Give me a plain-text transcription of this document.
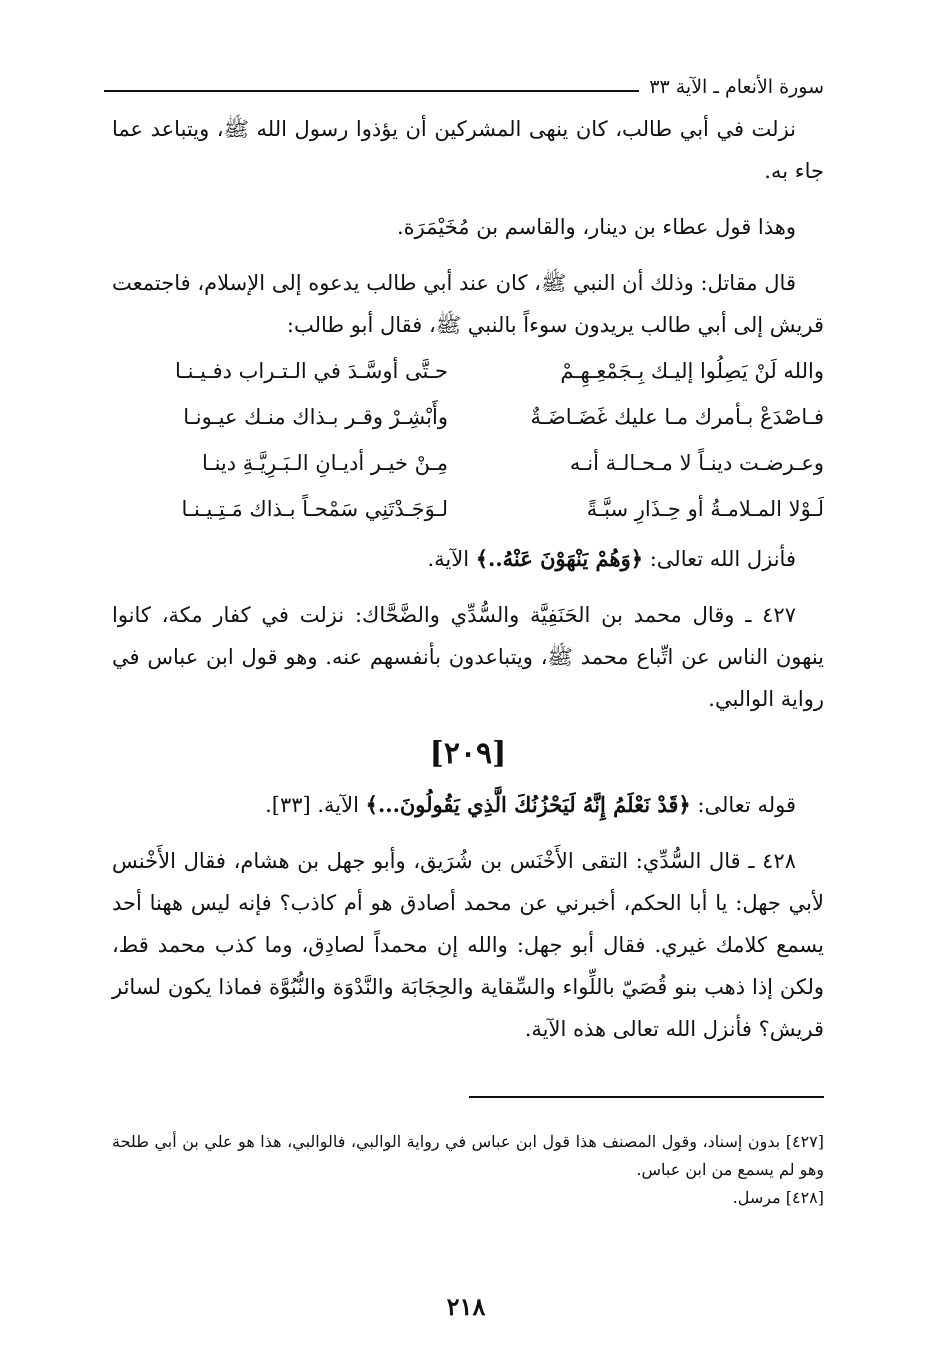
سورة الأنعام ـ الآية ٣٣

نزلت في أبي طالب، كان ينهى المشركين أن يؤذوا رسول الله ﷺ، ويتباعد عما جاء به.

وهذا قول عطاء بن دينار، والقاسم بن مُخَيْمَرَة.

قال مقاتل: وذلك أن النبي ﷺ، كان عند أبي طالب يدعوه إلى الإسلام، فاجتمعت قريش إلى أبي طالب يريدون سوءاً بالنبي ﷺ، فقال أبو طالب:

والله لَنْ يَصِلُوا إليـك بِـجَمْعِـهِـمْ	حـتَّى أوسَّـدَ في الـتـراب دفـيـنـا
فـاصْدَعْ بـأمرك مـا عليك غَضَـاضَـةٌ	وأَبْشِـرْ وقـر بـذاك منـك عيـونـا
وعـرضـت دينـاً لا مـحـالـة أنـه	مِـنْ خيـر أديـانِ الـبَـرِيَّـةِ دينـا
لَـوْلا المـلامـةُ أو حِـذَارِ سبَّـةً	لـوَجَـدْتَنِي سَمْحـاً بـذاك مَـتِـيـنـا

فأنزل الله تعالى: ﴿وَهُمْ يَنْهَوْنَ عَنْهُ..﴾ الآية.

٤٢٧ ـ وقال محمد بن الحَنَفِيَّة والسُّدِّي والضَّحَّاك: نزلت في كفار مكة، كانوا ينهون الناس عن اتِّباع محمد ﷺ، ويتباعدون بأنفسهم عنه. وهو قول ابن عباس في رواية الوالبي.

[٢٠٩]

قوله تعالى: ﴿قَدْ نَعْلَمُ إِنَّهُ لَيَحْزُنُكَ الَّذِي يَقُولُونَ...﴾ الآية. [٣٣].

٤٢٨ ـ قال السُّدِّي: التقى الأَخْنَس بن شُرَيق، وأبو جهل بن هشام، فقال الأَخْنس لأبي جهل: يا أبا الحكم، أخبرني عن محمد أصادق هو أم كاذب؟ فإنه ليس ههنا أحد يسمع كلامك غيري. فقال أبو جهل: والله إن محمداً لصادِق، وما كذب محمد قط، ولكن إذا ذهب بنو قُصَيّ باللِّواء والسِّقاية والحِجَابَة والنَّدْوَة والنُّبُوَّة فماذا يكون لسائر قريش؟ فأنزل الله تعالى هذه الآية.

[٤٢٧] بدون إسناد، وقول المصنف هذا قول ابن عباس في رواية الوالبي، فالوالبي، هذا هو علي بن أبي طلحة وهو لم يسمع من ابن عباس.

[٤٢٨] مرسل.

٢١٨
